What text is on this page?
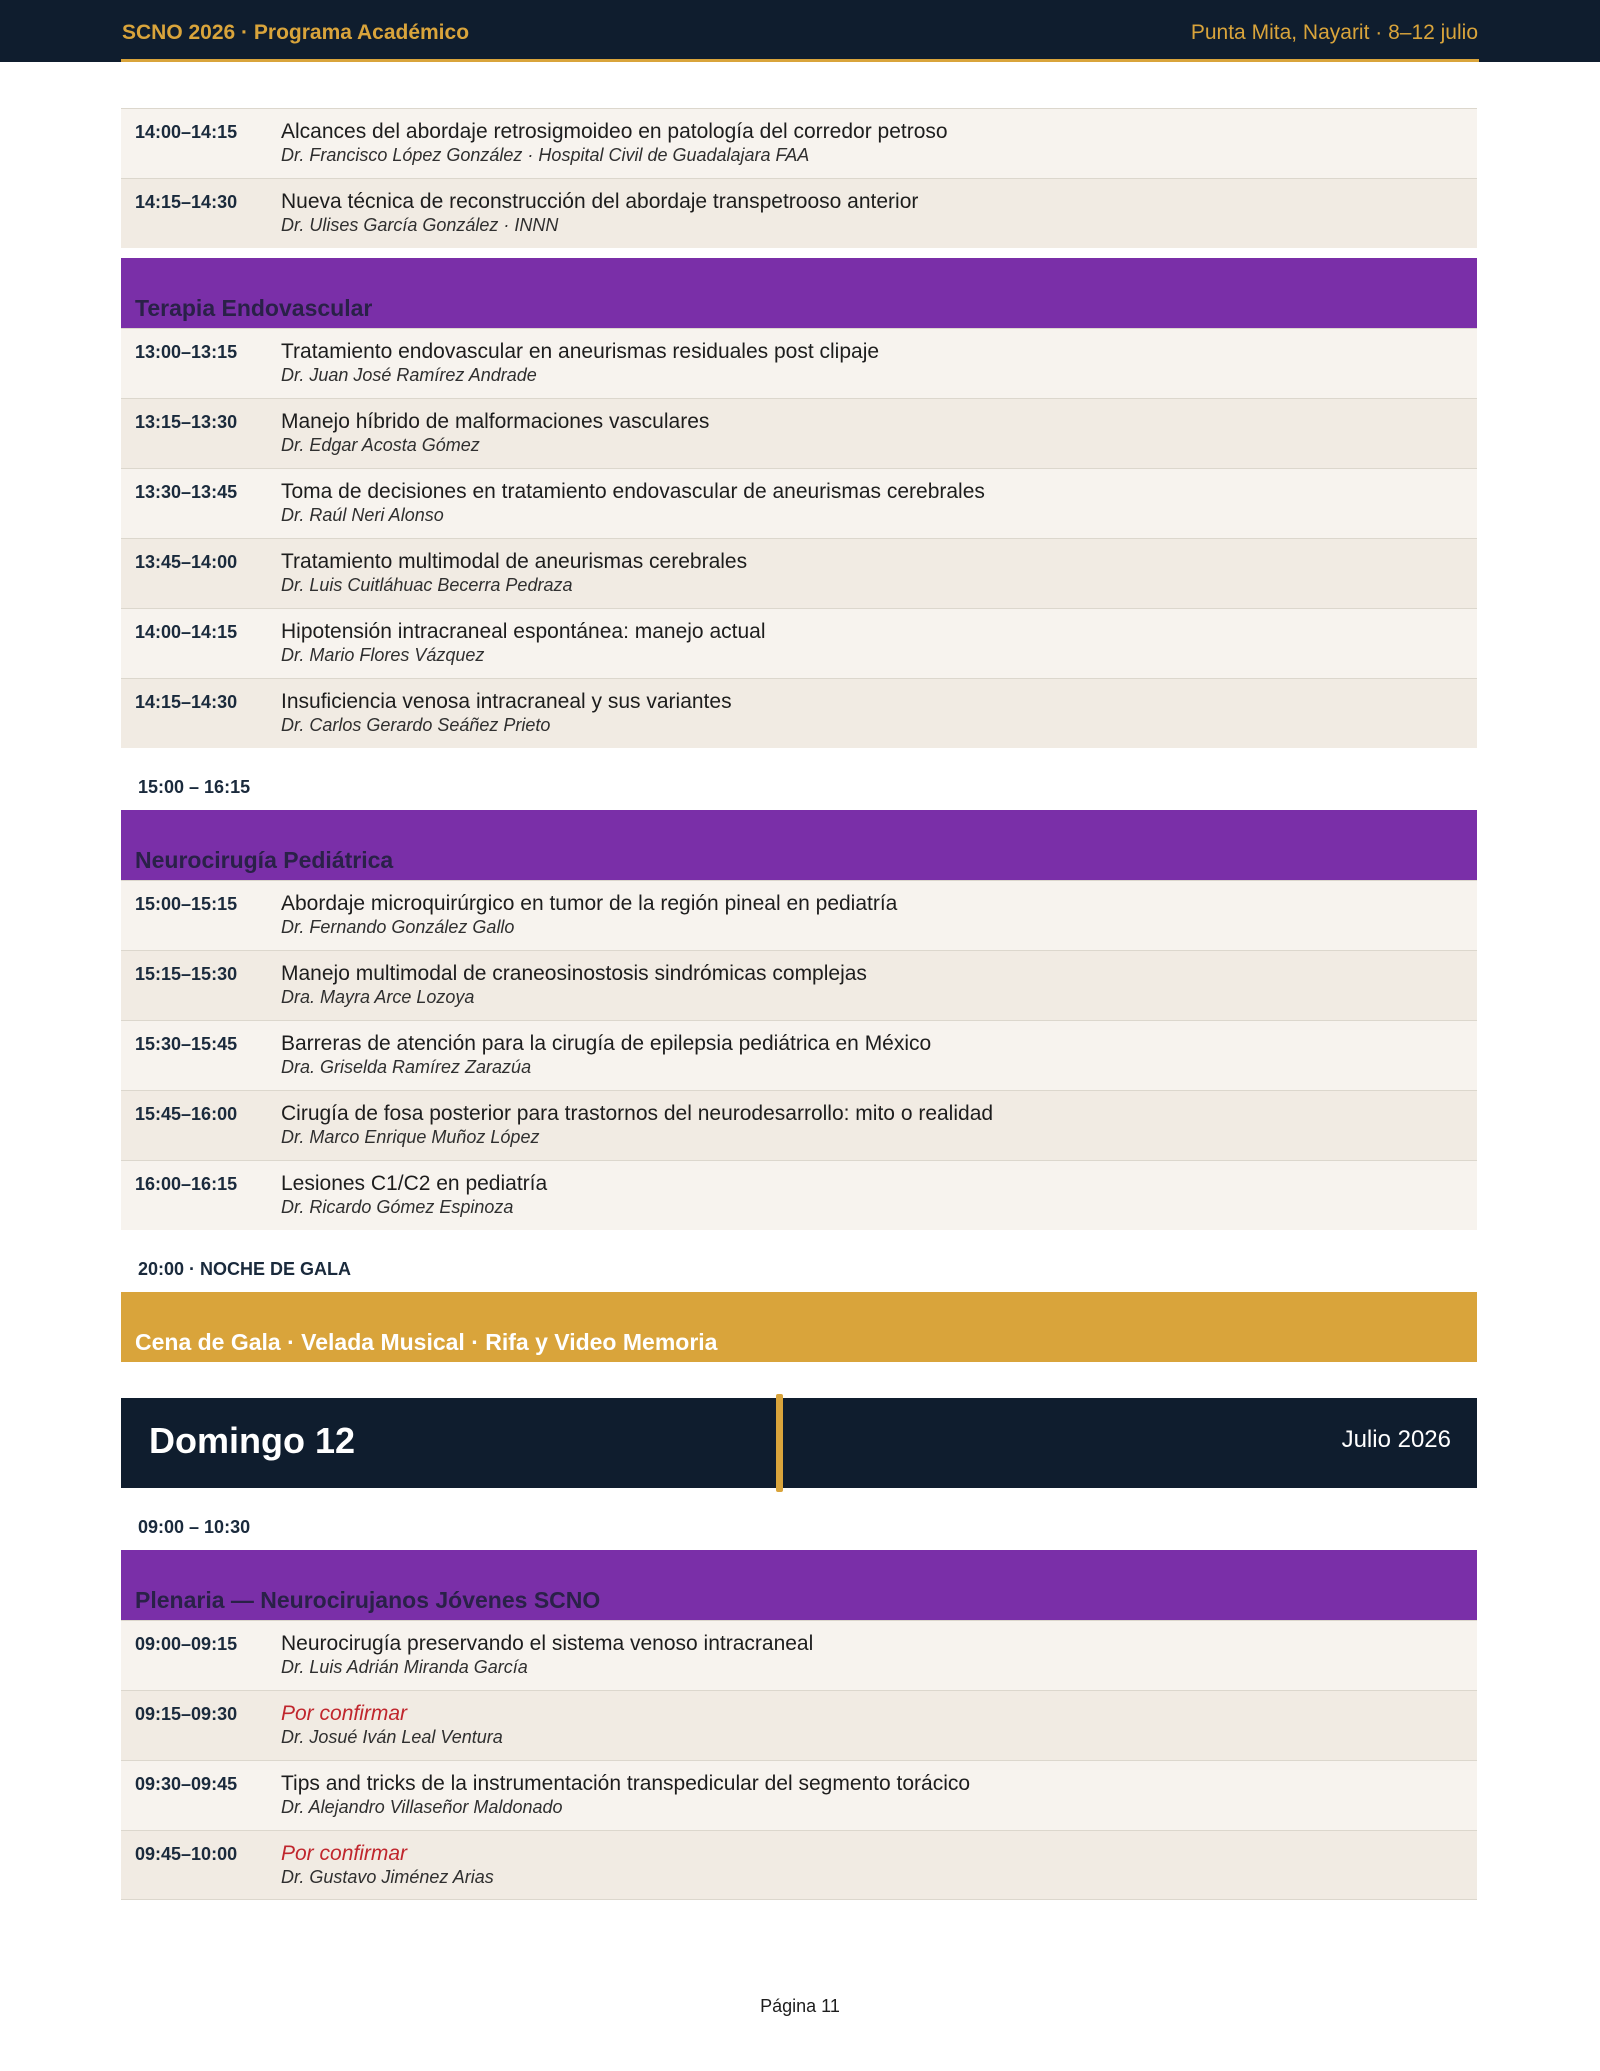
SCNO 2026 · Programa Académico	Punta Mita, Nayarit · 8–12 julio
14:00–14:15	Alcances del abordaje retrosigmoideo en patología del corredor petroso
Dr. Francisco López González · Hospital Civil de Guadalajara FAA
14:15–14:30	Nueva técnica de reconstrucción del abordaje transpetrooso anterior
Dr. Ulises García González · INNN
Terapia Endovascular
13:00–13:15	Tratamiento endovascular en aneurismas residuales post clipaje
Dr. Juan José Ramírez Andrade
13:15–13:30	Manejo híbrido de malformaciones vasculares
Dr. Edgar Acosta Gómez
13:30–13:45	Toma de decisiones en tratamiento endovascular de aneurismas cerebrales
Dr. Raúl Neri Alonso
13:45–14:00	Tratamiento multimodal de aneurismas cerebrales
Dr. Luis Cuitláhuac Becerra Pedraza
14:00–14:15	Hipotensión intracraneal espontánea: manejo actual
Dr. Mario Flores Vázquez
14:15–14:30	Insuficiencia venosa intracraneal y sus variantes
Dr. Carlos Gerardo Seáñez Prieto
15:00 – 16:15
Neurocirugía Pediátrica
15:00–15:15	Abordaje microquirúrgico en tumor de la región pineal en pediatría
Dr. Fernando González Gallo
15:15–15:30	Manejo multimodal de craneosinostosis sindrómicas complejas
Dra. Mayra Arce Lozoya
15:30–15:45	Barreras de atención para la cirugía de epilepsia pediátrica en México
Dra. Griselda Ramírez Zarazúa
15:45–16:00	Cirugía de fosa posterior para trastornos del neurodesarrollo: mito o realidad
Dr. Marco Enrique Muñoz López
16:00–16:15	Lesiones C1/C2 en pediatría
Dr. Ricardo Gómez Espinoza
20:00 · NOCHE DE GALA
Cena de Gala · Velada Musical · Rifa y Video Memoria
Domingo 12	Julio 2026
09:00 – 10:30
Plenaria — Neurocirujanos Jóvenes SCNO
09:00–09:15	Neurocirugía preservando el sistema venoso intracraneal
Dr. Luis Adrián Miranda García
09:15–09:30	Por confirmar
Dr. Josué Iván Leal Ventura
09:30–09:45	Tips and tricks de la instrumentación transpedicular del segmento torácico
Dr. Alejandro Villaseñor Maldonado
09:45–10:00	Por confirmar
Dr. Gustavo Jiménez Arias
Página 11
